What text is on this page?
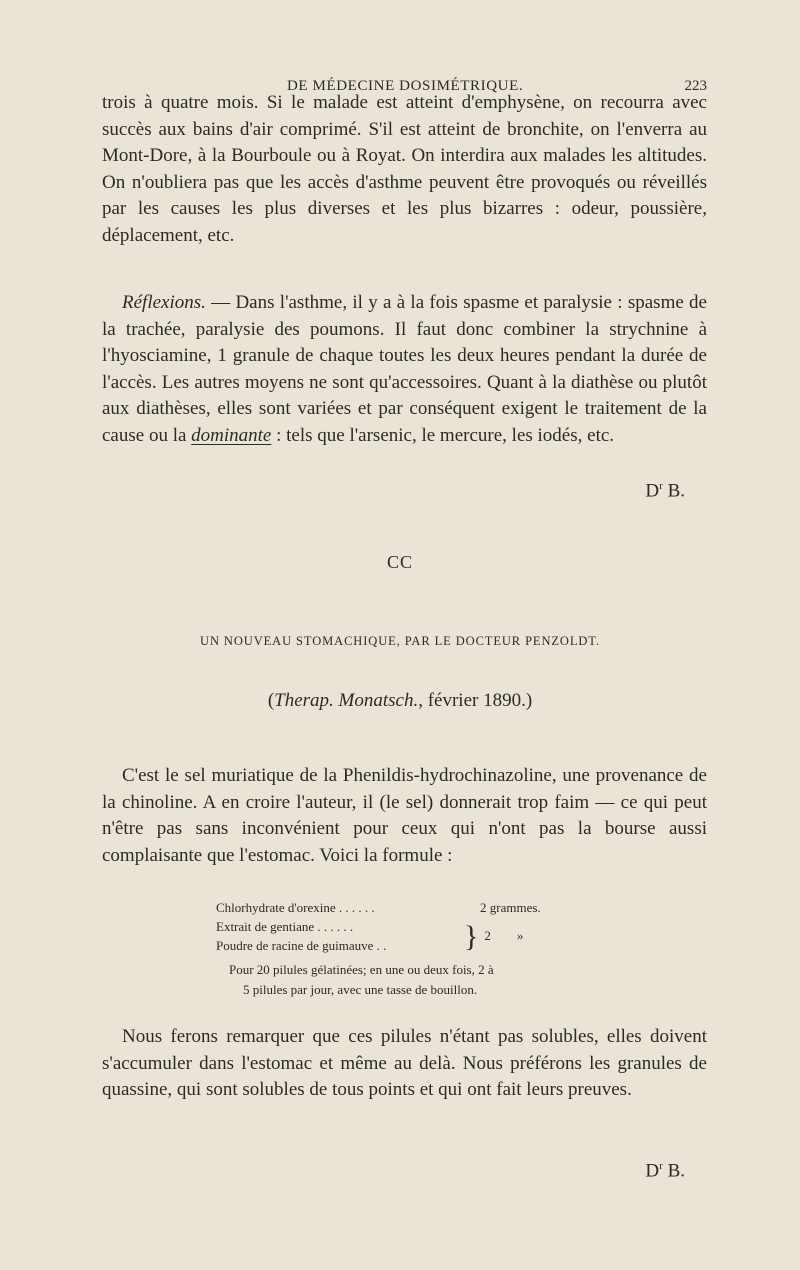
DE MÉDECINE DOSIMÉTRIQUE.	223

trois à quatre mois. Si le malade est atteint d'emphysène, on recourra avec succès aux bains d'air comprimé. S'il est atteint de bronchite, on l'enverra au Mont-Dore, à la Bourboule ou à Royat. On interdira aux malades les altitudes. On n'oubliera pas que les accès d'asthme peuvent être provoqués ou réveillés par les causes les plus diverses et les plus bizarres : odeur, poussière, déplacement, etc.

Réflexions. — Dans l'asthme, il y a à la fois spasme et paralysie : spasme de la trachée, paralysie des poumons. Il faut donc combiner la strychnine à l'hyosciamine, 1 granule de chaque toutes les deux heures pendant la durée de l'accès. Les autres moyens ne sont qu'accessoires. Quant à la diathèse ou plutôt aux diathèses, elles sont variées et par conséquent exigent le traitement de la cause ou la dominante : tels que l'arsenic, le mercure, les iodés, etc.

$D^r$ B.
CC
UN NOUVEAU STOMACHIQUE, PAR LE DOCTEUR PENZOLDT.
(Therap. Monatsch., février 1890.)

C'est le sel muriatique de la Phenildis-hydrochinazoline, une provenance de la chinoline. A en croire l'auteur, il (le sel) donnerait trop faim — ce qui peut n'être pas sans inconvénient pour ceux qui n'ont pas la bourse aussi complaisante que l'estomac. Voici la formule :

Chlorhydrate d'orexine . . . . . .	2 grammes.
Extrait de gentiane . . . . . .
Poudre de racine de guimauve . .	} 2 »
Pour 20 pilules gélatinées; en une ou deux fois, 2 à
5 pilules par jour, avec une tasse de bouillon.

Nous ferons remarquer que ces pilules n'étant pas solubles, elles doivent s'accumuler dans l'estomac et même au delà. Nous préférons les granules de quassine, qui sont solubles de tous points et qui ont fait leurs preuves.

$D^r$ B.
